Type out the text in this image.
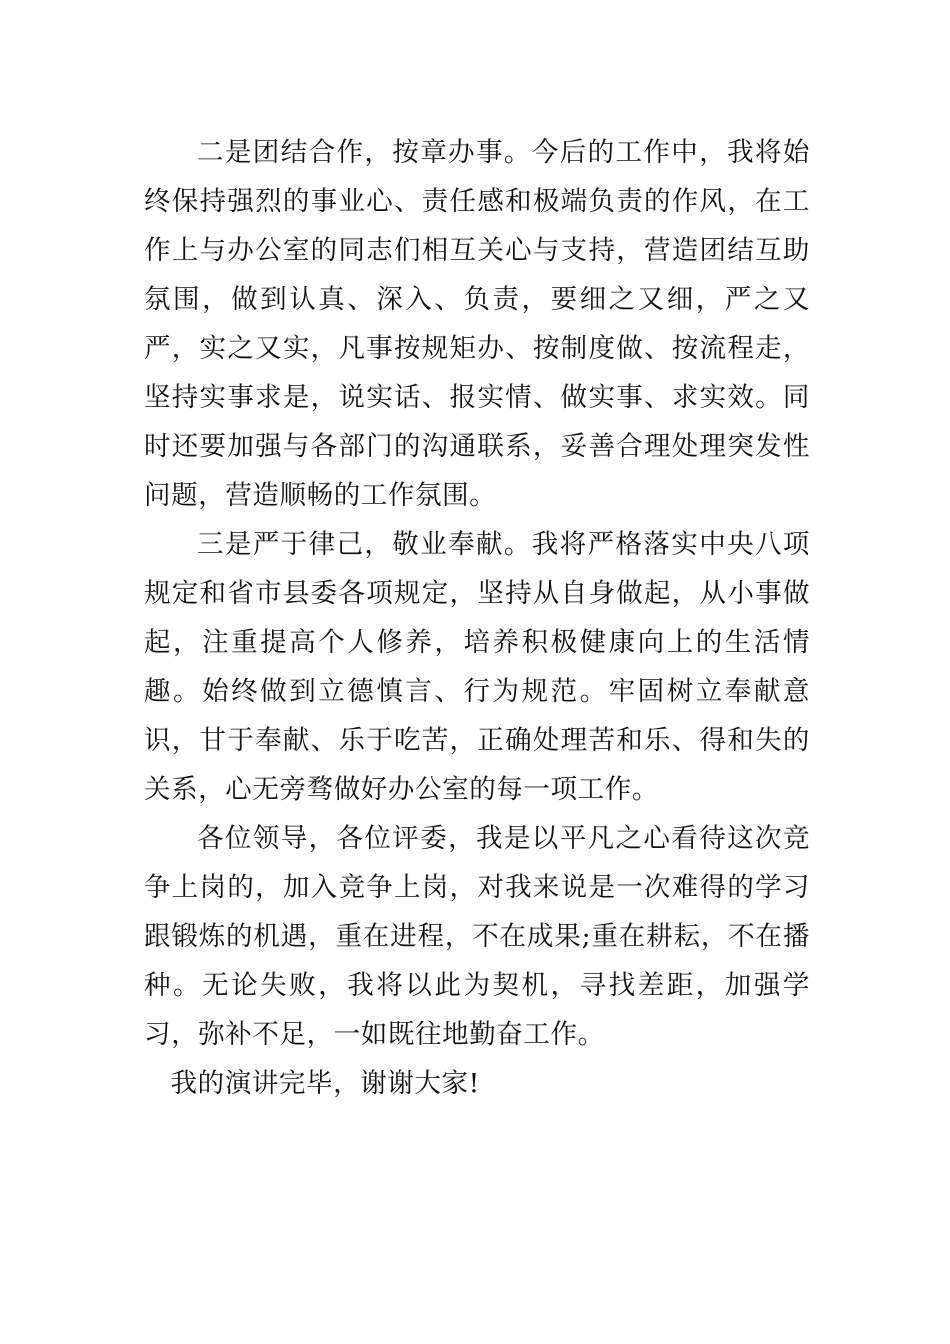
二是团结合作，按章办事。今后的工作中，我将始终保持强烈的事业心、责任感和极端负责的作风，在工作上与办公室的同志们相互关心与支持，营造团结互助氛围，做到认真、深入、负责，要细之又细，严之又严，实之又实，凡事按规矩办、按制度做、按流程走，坚持实事求是，说实话、报实情、做实事、求实效。同时还要加强与各部门的沟通联系，妥善合理处理突发性问题，营造顺畅的工作氛围。

三是严于律己，敬业奉献。我将严格落实中央八项规定和省市县委各项规定，坚持从自身做起，从小事做起，注重提高个人修养，培养积极健康向上的生活情趣。始终做到立德慎言、行为规范。牢固树立奉献意识，甘于奉献、乐于吃苦，正确处理苦和乐、得和失的关系，心无旁骛做好办公室的每一项工作。

各位领导，各位评委，我是以平凡之心看待这次竞争上岗的，加入竞争上岗，对我来说是一次难得的学习跟锻炼的机遇，重在进程，不在成果;重在耕耘，不在播种。无论失败，我将以此为契机，寻找差距，加强学习，弥补不足，一如既往地勤奋工作。

我的演讲完毕，谢谢大家!
